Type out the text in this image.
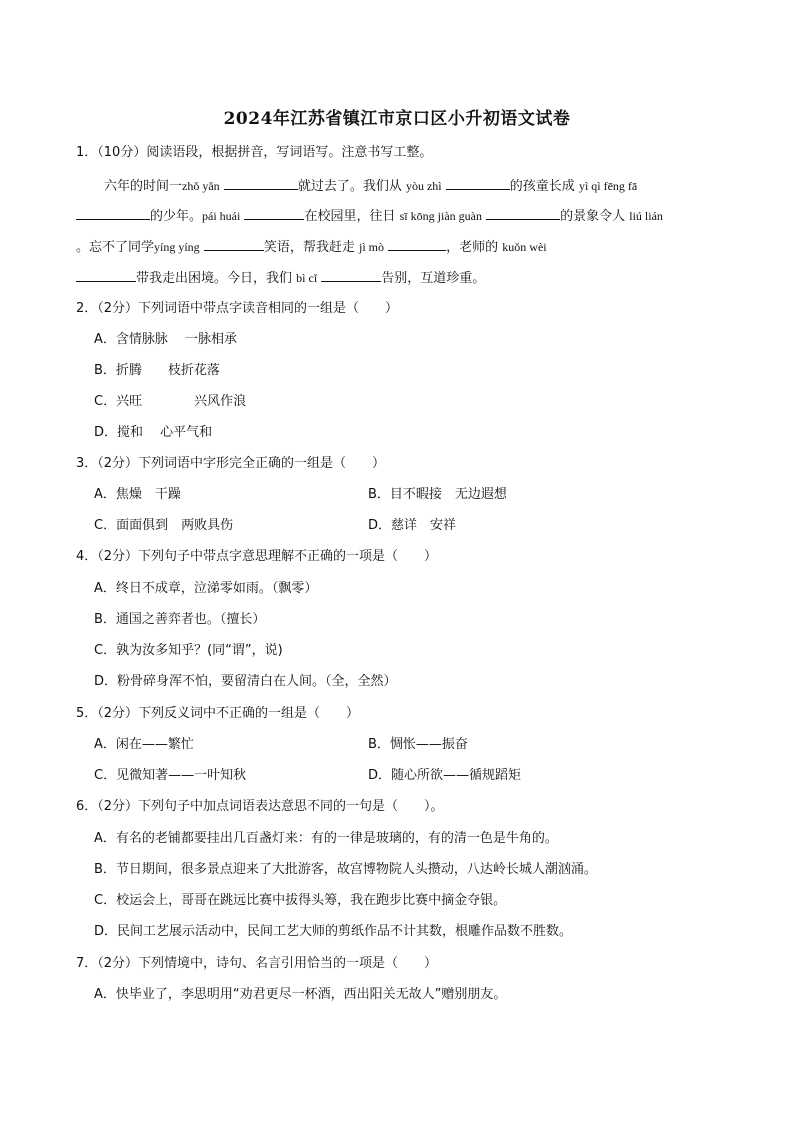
2024年江苏省镇江市京口区小升初语文试卷
1．（10分）阅读语段，根据拼音，写词语写。注意书写工整。
六年的时间一zhǒ yǎn	就过去了。我们从 yòu zhì	的孩童长成 yì qì fēng fā
的少年。pái huái	在校园里，往日 sī kōng jiàn guàn	的景象令人 liú lián
。忘不了同学yíng yíng	笑语，帮我赶走 jì mò	，老师的 kuǒn wèi
带我走出困境。今日，我们 bì cǐ	告别，互道珍重。
2．（2分）下列词语中带点字读音相同的一组是（　　）
A．含情脉脉　 一脉相承
B．折腾　　枝折花落
C．兴旺　　　　兴风作浪
D．搅和　 心平气和
3．（2分）下列词语中字形完全正确的一组是（　　）
A．焦燥　干躁	B．目不暇接　无边遐想
C．面面俱到　两败具伤	D．慈详　安祥
4．（2分）下列句子中带点字意思理解不正确的一项是（　　）
A．终日不成章，泣涕零如雨。（飘零）
B．通国之善弈者也。（擅长）
C．孰为汝多知乎？(同“谓”，说)
D．粉骨碎身浑不怕，要留清白在人间。（全，全然）
5．（2分）下列反义词中不正确的一组是（　　）
A．闲在——繁忙	B．惆怅——振奋
C．见微知著——一叶知秋	D．随心所欲——循规蹈矩
6．（2分）下列句子中加点词语表达意思不同的一句是（　　）。
A．有名的老铺都要挂出几百盏灯来：有的一律是玻璃的，有的清一色是牛角的。
B．节日期间，很多景点迎来了大批游客，故宫博物院人头攒动，八达岭长城人潮汹涌。
C．校运会上，哥哥在跳远比赛中拔得头筹，我在跑步比赛中摘金夺银。
D．民间工艺展示活动中，民间工艺大师的剪纸作品不计其数，根雕作品数不胜数。
7．（2分）下列情境中，诗句、名言引用恰当的一项是（　　）
A．快毕业了，李思明用“劝君更尽一杯酒，西出阳关无故人”赠别朋友。
